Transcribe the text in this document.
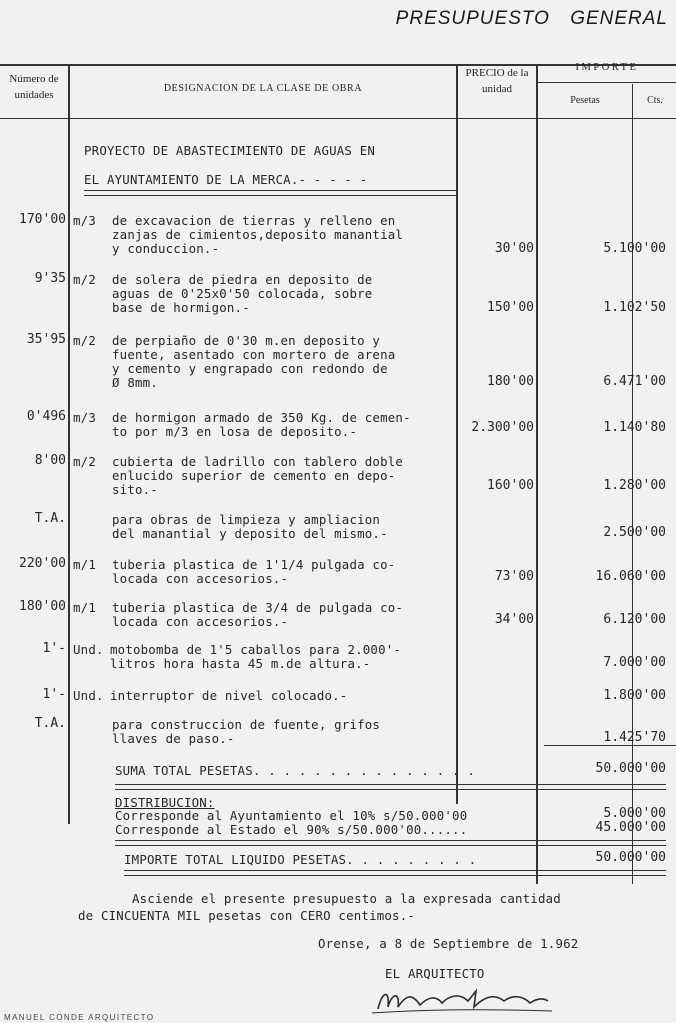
PRESUPUESTO GENERAL
Número de unidades
DESIGNACION DE LA CLASE DE OBRA
PRECIO de la unidad
IMPORTE
Pesetas	Cts.
PROYECTO DE ABASTECIMIENTO DE AGUAS EN
EL AYUNTAMIENTO DE LA MERCA.- - - - -
170'00 m/3 de excavacion de tierras y relleno en
zanjas de cimientos,deposito manantial
y conduccion.-	30'00	5.100'00
9'35 m/2 de solera de piedra en deposito de
aguas de 0'25x0'50 colocada, sobre
base de hormigon.-	150'00	1.102'50
35'95 m/2 de perpiaño de 0'30 m.en deposito y
fuente, asentado con mortero de arena
y cemento y engrapado con redondo de
Ø 8mm.	180'00	6.471'00
0'496 m/3 de hormigon armado de 350 Kg. de cemen-
to por m/3 en losa de deposito.-	2.300'00	1.140'80
8'00 m/2 cubierta de ladrillo con tablero doble
enlucido superior de cemento en depo-
sito.-	160'00	1.280'00
T.A.	para obras de limpieza y ampliacion
del manantial y deposito del mismo.-	2.500'00
220'00 m/1 tuberia plastica de 1'1/4 pulgada co-
locada con accesorios.-	73'00	16.060'00
180'00 m/1 tuberia plastica de 3/4 de pulgada co-
locada con accesorios.-	34'00	6.120'00
1'- Und. motobomba de 1'5 caballos para 2.000'-
litros hora hasta 45 m.de altura.-	7.000'00
1'- Und. interruptor de nivel colocado.-	1.800'00
T.A.	para construccion de fuente, grifos
llaves de paso.-	1.425'70
SUMA TOTAL PESETAS. . . . . . . . . . . . . . .	50.000'00
DISTRIBUCION:
Corresponde al Ayuntamiento el 10% s/50.000'00	5.000'00
Corresponde al Estado el 90% s/50.000'00......	45.000'00
IMPORTE TOTAL LIQUIDO PESETAS. . . . . . . . .	50.000'00
Asciende el presente presupuesto a la expresada cantidad
de CINCUENTA MIL pesetas con CERO centimos.-
Orense, a 8 de Septiembre de 1.962
EL ARQUITECTO
MANUEL CONDE ARQUITECTO
